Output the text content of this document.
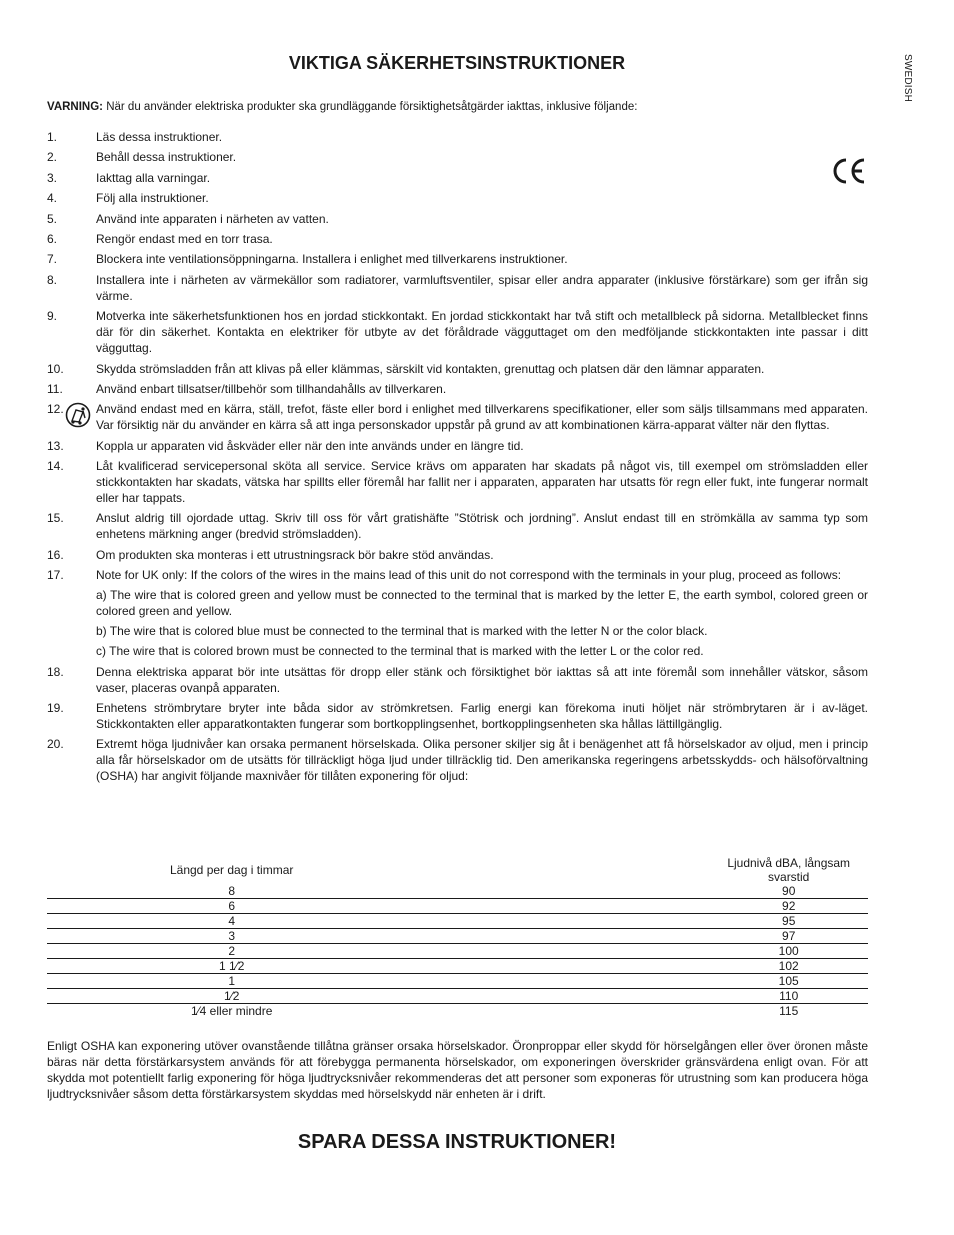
VIKTIGA SÄKERHETSINSTRUKTIONER	SWEDISH

VARNING: När du använder elektriska produkter ska grundläggande försiktighetsåtgärder iakttas, inklusive följande:

1.	Läs dessa instruktioner.
2.	Behåll dessa instruktioner.
3.	Iakttag alla varningar.
4.	Följ alla instruktioner.
5.	Använd inte apparaten i närheten av vatten.
6.	Rengör endast med en torr trasa.
7.	Blockera inte ventilationsöppningarna. Installera i enlighet med tillverkarens instruktioner.
8.	Installera inte i närheten av värmekällor som radiatorer, varmluftsventiler, spisar eller andra apparater (inklusive förstärkare) som ger ifrån sig värme.
9.	Motverka inte säkerhetsfunktionen hos en jordad stickkontakt. En jordad stickkontakt har två stift och metallbleck på sidorna. Metallblecket finns där för din säkerhet. Kontakta en elektriker för utbyte av det föråldrade vägguttaget om den medföljande stickkontakten inte passar i ditt vägguttag.
10.	Skydda strömsladden från att klivas på eller klämmas, särskilt vid kontakten, grenuttag och platsen där den lämnar apparaten.
11.	Använd enbart tillsatser/tillbehör som tillhandahålls av tillverkaren.
12.	Använd endast med en kärra, ställ, trefot, fäste eller bord i enlighet med tillverkarens specifikationer, eller som säljs tillsammans med apparaten. Var försiktig när du använder en kärra så att inga personskador uppstår på grund av att kombinationen kärra-apparat välter när den flyttas.
13.	Koppla ur apparaten vid åskväder eller när den inte används under en längre tid.
14.	Låt kvalificerad servicepersonal sköta all service. Service krävs om apparaten har skadats på något vis, till exempel om strömsladden eller stickkontakten har skadats, vätska har spillts eller föremål har fallit ner i apparaten, apparaten har utsatts för regn eller fukt, inte fungerar normalt eller har tappats.
15.	Anslut aldrig till ojordade uttag. Skriv till oss för vårt gratishäfte ”Stötrisk och jordning”. Anslut endast till en strömkälla av samma typ som enhetens märkning anger (bredvid strömsladden).
16.	Om produkten ska monteras i ett utrustningsrack bör bakre stöd användas.
17.	Note for UK only: If the colors of the wires in the mains lead of this unit do not correspond with the terminals in your plug, proceed as follows:
a) The wire that is colored green and yellow must be connected to the terminal that is marked by the letter E, the earth symbol, colored green or colored green and yellow.
b) The wire that is colored blue must be connected to the terminal that is marked with the letter N or the color black.
c) The wire that is colored brown must be connected to the terminal that is marked with the letter L or the color red.
18.	Denna elektriska apparat bör inte utsättas för dropp eller stänk och försiktighet bör iakttas så att inte föremål som innehåller vätskor, såsom vaser, placeras ovanpå apparaten.
19.	Enhetens strömbrytare bryter inte båda sidor av strömkretsen. Farlig energi kan förekoma inuti höljet när strömbrytaren är i av-läget. Stickkontakten eller apparatkontakten fungerar som bortkopplingsenhet, bortkopplingsenheten ska hållas lättillgänglig.
20.	Extremt höga ljudnivåer kan orsaka permanent hörselskada. Olika personer skiljer sig åt i benägenhet att få hörselskador av oljud, men i princip alla får hörselskador om de utsätts för tillräckligt höga ljud under tillräcklig tid. Den amerikanska regeringens arbetsskydds- och hälsoförvaltning (OSHA) har angivit följande maxnivåer för tillåten exponering för oljud:
Längd per dag i timmar	Ljudnivå dBA, långsam svarstid
8	90
6	92
4	95
3	97
2	100
1 1⁄2	102
1	105
1⁄2	110
1⁄4 eller mindre	115

Enligt OSHA kan exponering utöver ovanstående tillåtna gränser orsaka hörselskador. Öronproppar eller skydd för hörselgången eller över öronen måste bäras när detta förstärkarsystem används för att förebygga permanenta hörselskador, om exponeringen överskrider gränsvärdena enligt ovan. För att skydda mot potentiellt farlig exponering för höga ljudtrycksnivåer rekommenderas det att personer som exponeras för utrustning som kan producera höga ljudtrycksnivåer såsom detta förstärkarsystem skyddas med hörselskydd när enheten är i drift.

SPARA DESSA INSTRUKTIONER!
